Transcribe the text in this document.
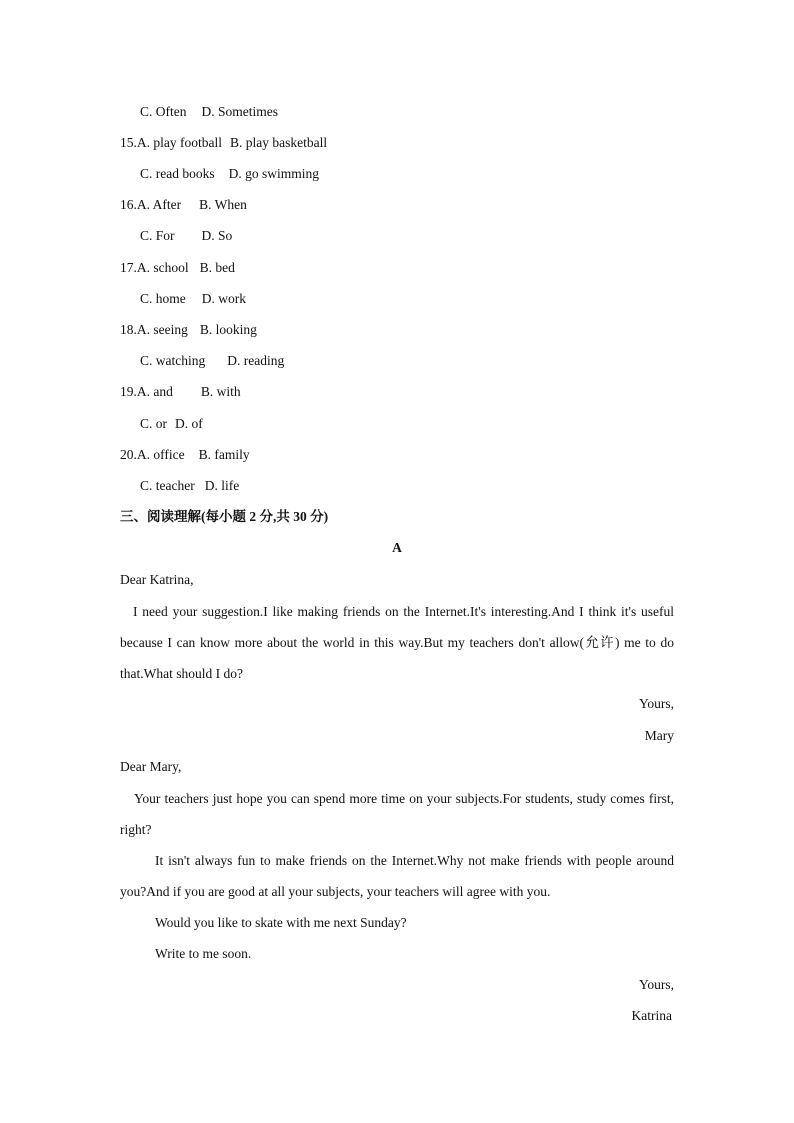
C. Often D. Sometimes
15.A. play football B. play basketball
C. read books D. go swimming
16.A. After B. When
C. For D. So
17.A. school B. bed
C. home D. work
18.A. seeing B. looking
C. watching D. reading
19.A. and B. with
C. or D. of
20.A. office B. family
C. teacher D. life
三、阅读理解(每小题 2 分,共 30 分)
A
Dear Katrina,
I need your suggestion.I like making friends on the Internet.It's interesting.And I think it's useful because I can know more about the world in this way.But my teachers don't allow(允许) me to do that.What should I do?
Yours,
Mary
Dear Mary,
Your teachers just hope you can spend more time on your subjects.For students, study comes first, right?
It isn't always fun to make friends on the Internet.Why not make friends with people around you?And if you are good at all your subjects, your teachers will agree with you.
Would you like to skate with me next Sunday?
Write to me soon.
Yours,
Katrina
